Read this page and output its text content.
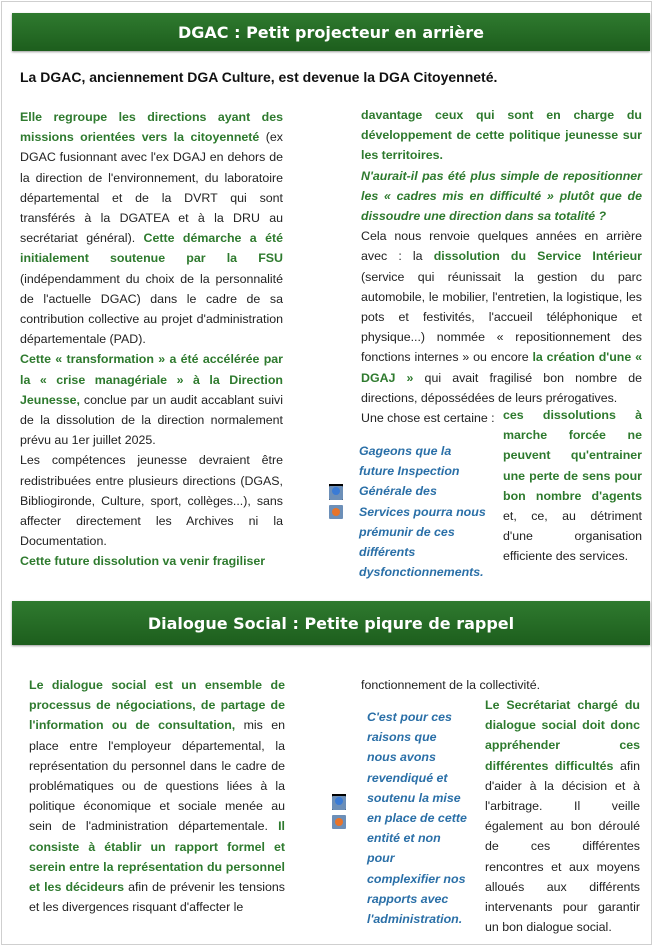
DGAC : Petit projecteur en arrière
La DGAC, anciennement DGA Culture, est devenue la DGA Citoyenneté.
Elle regroupe les directions ayant des missions orientées vers la citoyenneté (ex DGAC fusionnant avec l'ex DGAJ en dehors de la direction de l'environnement, du laboratoire départemental et de la DVRT qui sont transférés à la DGATEA et à la DRU au secrétariat général). Cette démarche a été initialement soutenue par la FSU (indépendamment du choix de la personnalité de l'actuelle DGAC) dans le cadre de sa contribution collective au projet d'administration départementale (PAD).
Cette « transformation » a été accélérée par la « crise managériale » à la Direction Jeunesse, conclue par un audit accablant suivi de la dissolution de la direction normalement prévu au 1er juillet 2025.
Les compétences jeunesse devraient être redistribuées entre plusieurs directions (DGAS, Bibliogironde, Culture, sport, collèges...), sans affecter directement les Archives ni la Documentation.
Cette future dissolution va venir fragiliser
davantage ceux qui sont en charge du développement de cette politique jeunesse sur les territoires.
N'aurait-il pas été plus simple de repositionner les « cadres mis en difficulté » plutôt que de dissoudre une direction dans sa totalité ?
Cela nous renvoie quelques années en arrière avec : la dissolution du Service Intérieur (service qui réunissait la gestion du parc automobile, le mobilier, l'entretien, la logistique, les pots et festivités, l'accueil téléphonique et physique...) nommée « repositionnement des fonctions internes » ou encore la création d'une « DGAJ » qui avait fragilisé bon nombre de directions, dépossédées de leurs prérogatives.
Une chose est certaine : ces dissolutions à marche forcée ne peuvent qu'entrainer une perte de sens pour bon nombre d'agents et, ce, au détriment d'une organisation efficiente des services.
Gageons que la future Inspection Générale des Services pourra nous prémunir de ces différents dysfonctionnements.
Dialogue Social : Petite piqure de rappel
Le dialogue social est un ensemble de processus de négociations, de partage de l'information ou de consultation, mis en place entre l'employeur départemental, la représentation du personnel dans le cadre de problématiques ou de questions liées à la politique économique et sociale menée au sein de l'administration départementale. Il consiste à établir un rapport formel et serein entre la représentation du personnel et les décideurs afin de prévenir les tensions et les divergences risquant d'affecter le
fonctionnement de la collectivité.
Le Secrétariat chargé du dialogue social doit donc appréhender ces différentes difficultés afin d'aider à la décision et à l'arbitrage. Il veille également au bon déroulé de ces différentes rencontres et aux moyens alloués aux différents intervenants pour garantir un bon dialogue social.
C'est pour ces raisons que nous avons revendiqué et soutenu la mise en place de cette entité et non pour complexifier nos rapports avec l'administration.
